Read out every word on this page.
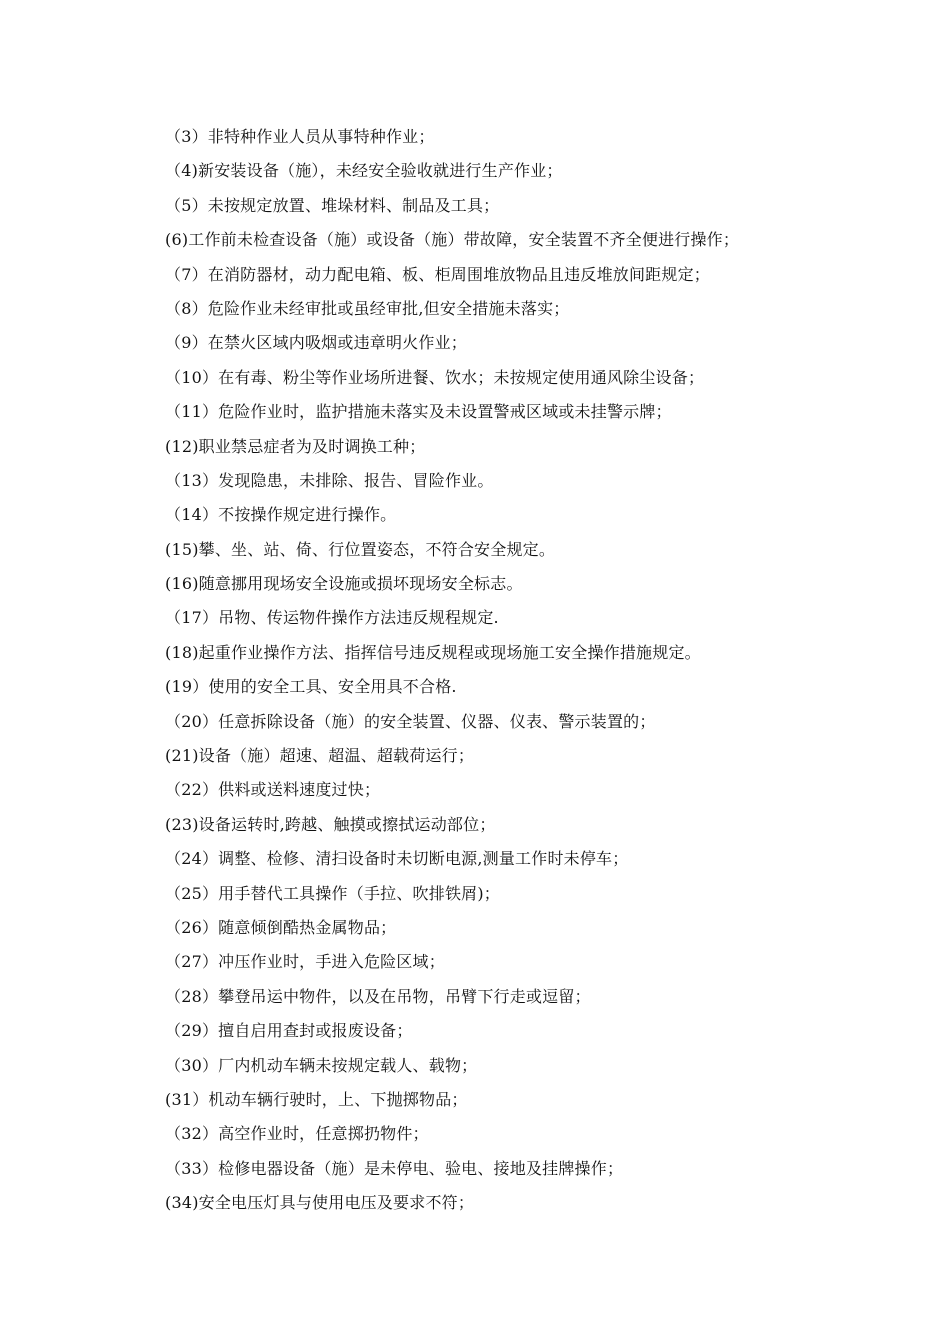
（3）非特种作业人员从事特种作业；
（4)新安装设备（施），未经安全验收就进行生产作业；
（5）未按规定放置、堆垛材料、制品及工具；
(6)工作前未检查设备（施）或设备（施）带故障，安全装置不齐全便进行操作；
（7）在消防器材，动力配电箱、板、柜周围堆放物品且违反堆放间距规定；
（8）危险作业未经审批或虽经审批,但安全措施未落实；
（9）在禁火区域内吸烟或违章明火作业；
（10）在有毒、粉尘等作业场所进餐、饮水；未按规定使用通风除尘设备；
（11）危险作业时，监护措施未落实及未设置警戒区域或未挂警示牌；
(12)职业禁忌症者为及时调换工种；
（13）发现隐患，未排除、报告、冒险作业。
（14）不按操作规定进行操作。
(15)攀、坐、站、倚、行位置姿态，不符合安全规定。
(16)随意挪用现场安全设施或损坏现场安全标志。
（17）吊物、传运物件操作方法违反规程规定.
(18)起重作业操作方法、指挥信号违反规程或现场施工安全操作措施规定。
(19）使用的安全工具、安全用具不合格.
（20）任意拆除设备（施）的安全装置、仪器、仪表、警示装置的；
(21)设备（施）超速、超温、超载荷运行；
（22）供料或送料速度过快；
(23)设备运转时,跨越、触摸或擦拭运动部位；
（24）调整、检修、清扫设备时未切断电源,测量工作时未停车；
（25）用手替代工具操作（手拉、吹排铁屑)；
（26）随意倾倒酷热金属物品；
（27）冲压作业时，手进入危险区域；
（28）攀登吊运中物件，以及在吊物，吊臂下行走或逗留；
（29）擅自启用查封或报废设备；
（30）厂内机动车辆未按规定载人、载物；
(31）机动车辆行驶时，上、下抛掷物品；
（32）高空作业时，任意掷扔物件；
（33）检修电器设备（施）是未停电、验电、接地及挂牌操作；
(34)安全电压灯具与使用电压及要求不符；
